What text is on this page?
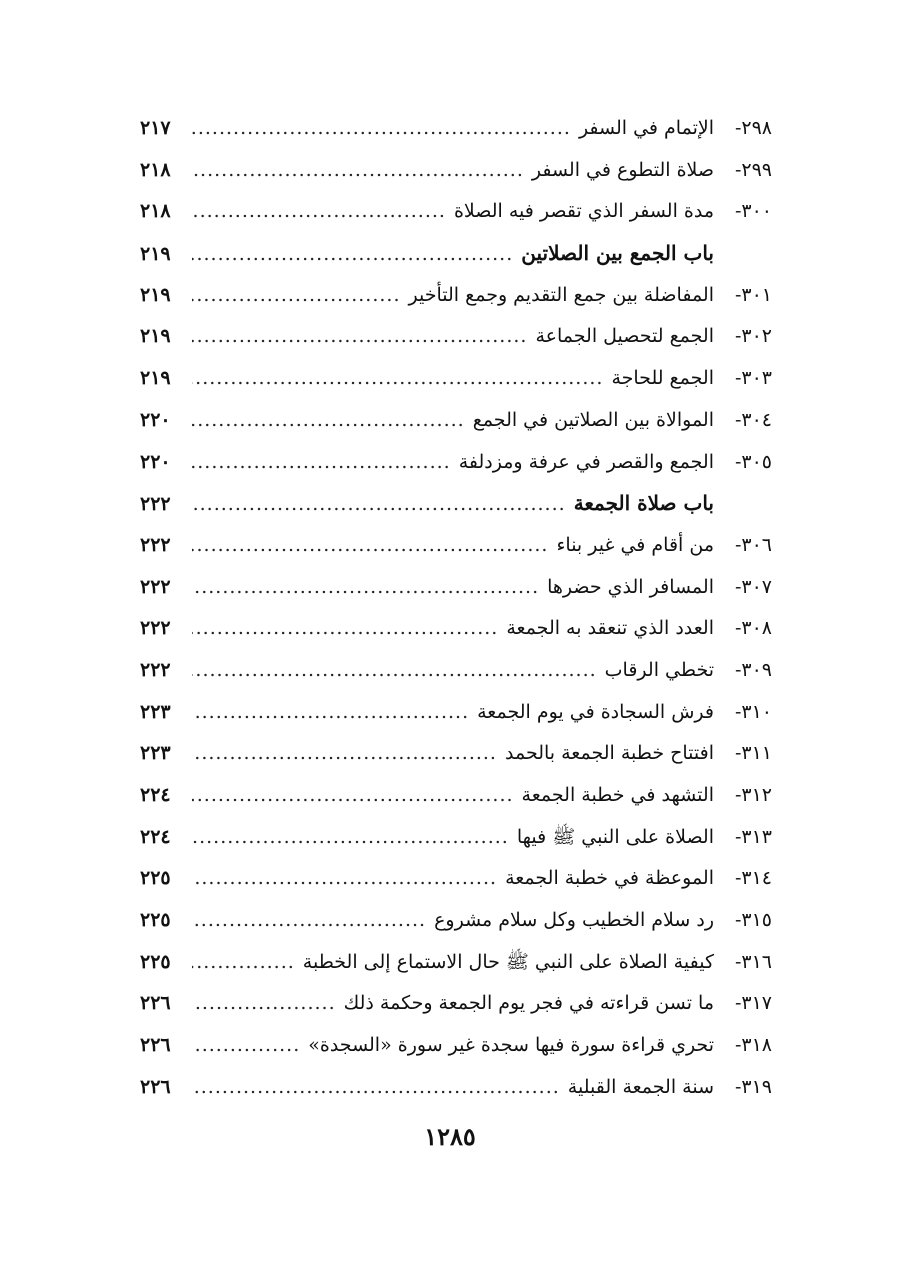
٢٩٨-
الإتمام في السفر
.....
٢١٧
٢٩٩-
صلاة التطوع في السفر
.....
٢١٨
٣٠٠-
مدة السفر الذي تقصر فيه الصلاة
.....
٢١٨
باب الجمع بين الصلاتين
.....
٢١٩
٣٠١-
المفاضلة بين جمع التقديم وجمع التأخير
.....
٢١٩
٣٠٢-
الجمع لتحصيل الجماعة
.....
٢١٩
٣٠٣-
الجمع للحاجة
.....
٢١٩
٣٠٤-
الموالاة بين الصلاتين في الجمع
.....
٢٢٠
٣٠٥-
الجمع والقصر في عرفة ومزدلفة
.....
٢٢٠
باب صلاة الجمعة
.....
٢٢٢
٣٠٦-
من أقام في غير بناء
.....
٢٢٢
٣٠٧-
المسافر الذي حضرها
.....
٢٢٢
٣٠٨-
العدد الذي تنعقد به الجمعة
.....
٢٢٢
٣٠٩-
تخطي الرقاب
.....
٢٢٢
٣١٠-
فرش السجادة في يوم الجمعة
.....
٢٢٣
٣١١-
افتتاح خطبة الجمعة بالحمد
.....
٢٢٣
٣١٢-
التشهد في خطبة الجمعة
.....
٢٢٤
٣١٣-
الصلاة على النبي ﷺ فيها
.....
٢٢٤
٣١٤-
الموعظة في خطبة الجمعة
.....
٢٢٥
٣١٥-
رد سلام الخطيب وكل سلام مشروع
.....
٢٢٥
٣١٦-
كيفية الصلاة على النبي ﷺ حال الاستماع إلى الخطبة
.....
٢٢٥
٣١٧-
ما تسن قراءته في فجر يوم الجمعة وحكمة ذلك
.....
٢٢٦
٣١٨-
تحري قراءة سورة فيها سجدة غير سورة «السجدة»
.....
٢٢٦
٣١٩-
سنة الجمعة القبلية
.....
٢٢٦
١٢٨٥
